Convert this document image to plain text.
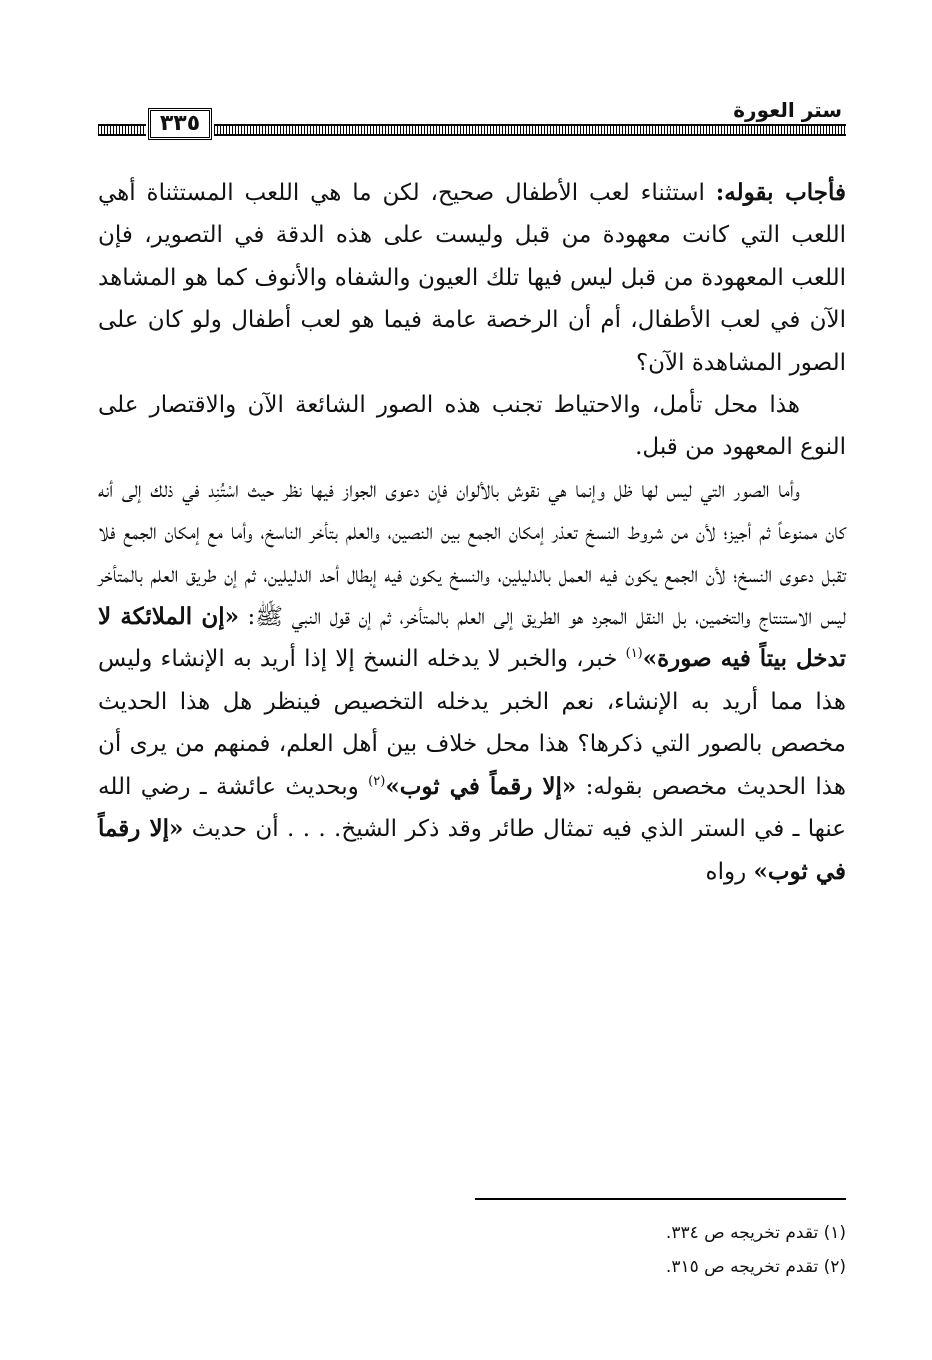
٣٣٥
ستر العورة

فأجاب بقوله: استثناء لعب الأطفال صحيح، لكن ما هي اللعب المستثناة أهي اللعب التي كانت معهودة من قبل وليست على هذه الدقة في التصوير، فإن اللعب المعهودة من قبل ليس فيها تلك العيون والشفاه والأنوف كما هو المشاهد الآن في لعب الأطفال، أم أن الرخصة عامة فيما هو لعب أطفال ولو كان على الصور المشاهدة الآن؟

هذا محل تأمل، والاحتياط تجنب هذه الصور الشائعة الآن والاقتصار على النوع المعهود من قبل.

وأما الصور التي ليس لها ظل وإنما هي نقوش بالألوان فإن دعوى الجواز فيها نظر حيث اسْتُنِد في ذلك إلى أنه كان ممنوعاً ثم أجيز؛ لأن من شروط النسخ تعذر إمكان الجمع بين النصين، والعلم بتأخر الناسخ، وأما مع إمكان الجمع فلا تقبل دعوى النسخ؛ لأن الجمع يكون فيه العمل بالدليلين، والنسخ يكون فيه إبطال أحد الدليلين، ثم إن طريق العلم بالمتأخر ليس الاستنتاج والتخمين، بل النقل المجرد هو الطريق إلى العلم بالمتأخر، ثم إن قول النبي ﷺ: «إن الملائكة لا تدخل بيتاً فيه صورة»$^{(١)}$ خبر، والخبر لا يدخله النسخ إلا إذا أريد به الإنشاء وليس هذا مما أريد به الإنشاء، نعم الخبر يدخله التخصيص فينظر هل هذا الحديث مخصص بالصور التي ذكرها؟ هذا محل خلاف بين أهل العلم، فمنهم من يرى أن هذا الحديث مخصص بقوله: «إلا رقماً في ثوب»$^{(٢)}$ وبحديث عائشة ـ رضي الله عنها ـ في الستر الذي فيه تمثال طائر وقد ذكر الشيخ. . . . أن حديث «إلا رقماً في ثوب» رواه

(١) تقدم تخريجه ص ٣٣٤.
(٢) تقدم تخريجه ص ٣١٥.
